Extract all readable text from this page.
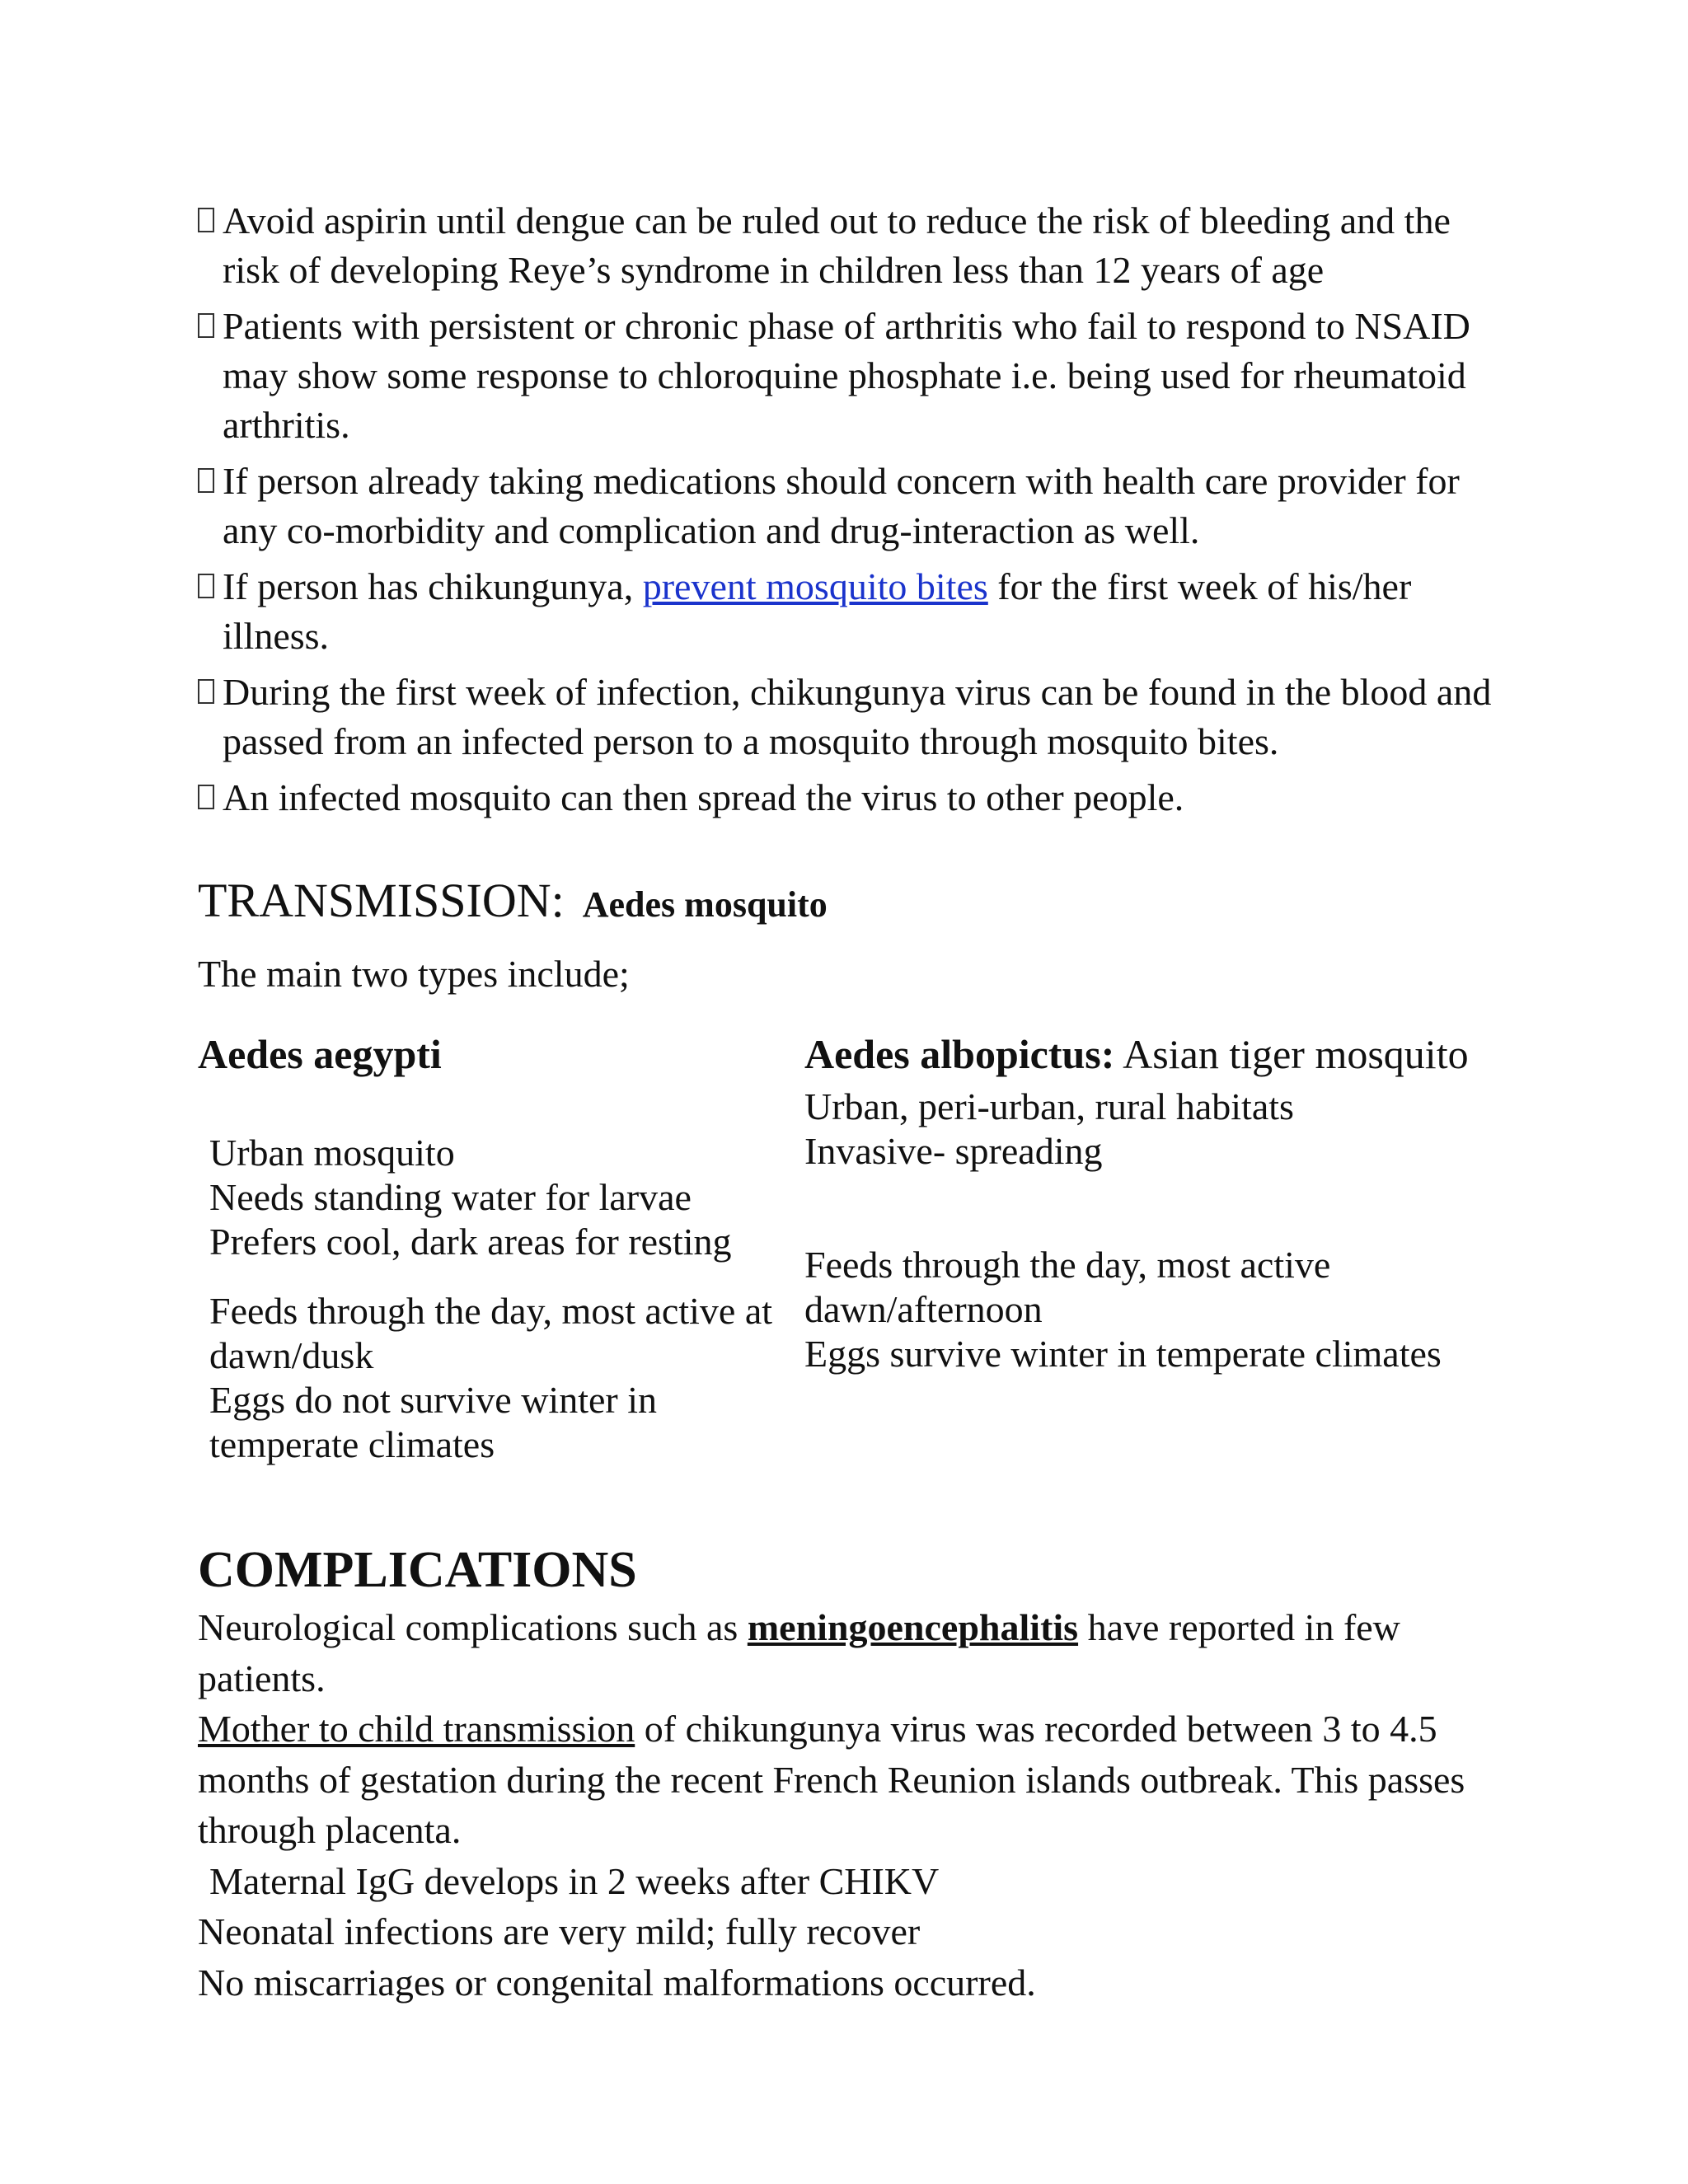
Avoid aspirin until dengue can be ruled out to reduce the risk of bleeding and the risk of developing Reye’s syndrome in children less than 12 years of age
Patients with persistent or chronic phase of arthritis who fail to respond to NSAID may show some response to chloroquine phosphate i.e. being used for rheumatoid arthritis.
If person already taking medications should concern with health care provider for any co-morbidity and complication and drug-interaction as well.
If person has chikungunya, prevent mosquito bites for the first week of his/her illness.
During the first week of infection, chikungunya virus can be found in the blood and passed from an infected person to a mosquito through mosquito bites.
An infected mosquito can then spread the virus to other people.
TRANSMISSION: Aedes mosquito
The main two types include;
Aedes aegypti
Urban mosquito
Needs standing water for larvae
Prefers cool, dark areas for resting
Feeds through the day, most active at dawn/dusk
Eggs do not survive winter in temperate climates
Aedes albopictus: Asian tiger mosquito
Urban, peri-urban, rural habitats
Invasive- spreading
Feeds through the day, most active dawn/afternoon
Eggs survive winter in temperate climates
COMPLICATIONS

Neurological complications such as meningoencephalitis have reported in few patients.

Mother to child transmission of chikungunya virus was recorded between 3 to 4.5 months of gestation during the recent French Reunion islands outbreak. This passes through placenta.

Maternal IgG develops in 2 weeks after CHIKV

Neonatal infections are very mild; fully recover

No miscarriages or congenital malformations occurred.
